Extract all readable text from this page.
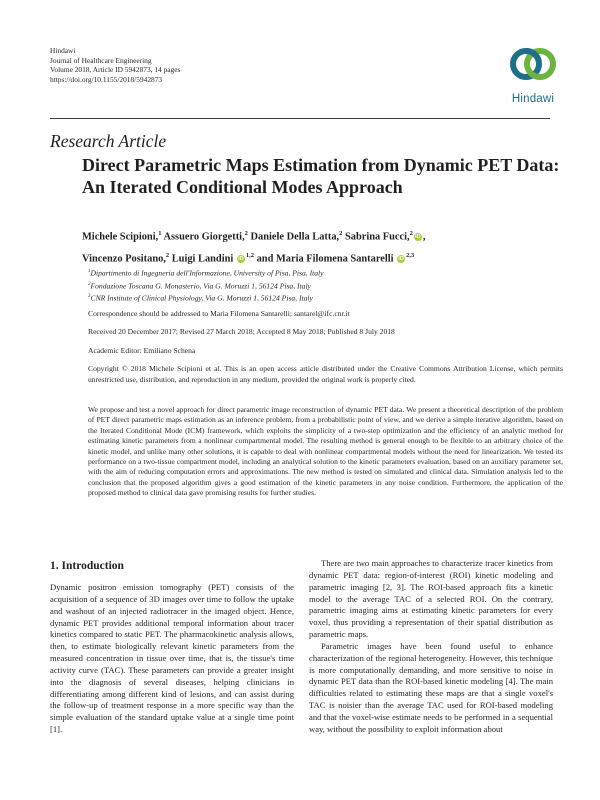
Hindawi
Journal of Healthcare Engineering
Volume 2018, Article ID 5942873, 14 pages
https://doi.org/10.1155/2018/5942873
Hindawi
Research Article
Direct Parametric Maps Estimation from Dynamic PET Data: An Iterated Conditional Modes Approach
Michele Scipioni,$^1$ Assuero Giorgetti,$^2$ Daniele Della Latta,$^2$ Sabrina Fucci,$^2$iD ,
Vincenzo Positano,$^2$ Luigi Landini iD$^{1,2}$ and Maria Filomena Santarelli iD$^{2,3}$
$^1$Dipartimento di Ingegneria dell'Informazione, University of Pisa, Pisa, Italy
$^2$Fondazione Toscana G. Monasterio, Via G. Moruzzi 1, 56124 Pisa, Italy
$^3$CNR Institute of Clinical Physiology, Via G. Moruzzi 1, 56124 Pisa, Italy
Correspondence should be addressed to Maria Filomena Santarelli; santarel@ifc.cnr.it
Received 20 December 2017; Revised 27 March 2018; Accepted 8 May 2018; Published 8 July 2018
Academic Editor: Emiliano Schena
Copyright © 2018 Michele Scipioni et al. This is an open access article distributed under the Creative Commons Attribution License, which permits unrestricted use, distribution, and reproduction in any medium, provided the original work is properly cited.
We propose and test a novel approach for direct parametric image reconstruction of dynamic PET data. We present a theoretical description of the problem of PET direct parametric maps estimation as an inference problem, from a probabilistic point of view, and we derive a simple iterative algorithm, based on the Iterated Conditional Mode (ICM) framework, which exploits the simplicity of a two-step optimization and the efficiency of an analytic method for estimating kinetic parameters from a nonlinear compartmental model. The resulting method is general enough to be flexible to an arbitrary choice of the kinetic model, and unlike many other solutions, it is capable to deal with nonlinear compartmental models without the need for linearization. We tested its performance on a two-tissue compartment model, including an analytical solution to the kinetic parameters evaluation, based on an auxiliary parameter set, with the aim of reducing computation errors and approximations. The new method is tested on simulated and clinical data. Simulation analysis led to the conclusion that the proposed algorithm gives a good estimation of the kinetic parameters in any noise condition. Furthermore, the application of the proposed method to clinical data gave promising results for further studies.
1. Introduction

Dynamic positron emission tomography (PET) consists of the acquisition of a sequence of 3D images over time to follow the uptake and washout of an injected radiotracer in the imaged object. Hence, dynamic PET provides additional temporal information about tracer kinetics compared to static PET. The pharmacokinetic analysis allows, then, to estimate biologically relevant kinetic parameters from the measured concentration in tissue over time, that is, the tissue's time activity curve (TAC). These parameters can provide a greater insight into the diagnosis of several diseases, helping clinicians in differentiating among different kind of lesions, and can assist during the follow-up of treatment response in a more specific way than the simple evaluation of the standard uptake value at a single time point [1].

There are two main approaches to characterize tracer kinetics from dynamic PET data: region-of-interest (ROI) kinetic modeling and parametric imaging [2, 3]. The ROI-based approach fits a kinetic model to the average TAC of a selected ROI. On the contrary, parametric imaging aims at estimating kinetic parameters for every voxel, thus providing a representation of their spatial distribution as parametric maps.

Parametric images have been found useful to enhance characterization of the regional heterogeneity. However, this technique is more computationally demanding, and more sensitive to noise in dynamic PET data than the ROI-based kinetic modeling [4]. The main difficulties related to estimating these maps are that a single voxel's TAC is noisier than the average TAC used for ROI-based modeling and that the voxel-wise estimate needs to be performed in a sequential way, without the possibility to exploit information about
